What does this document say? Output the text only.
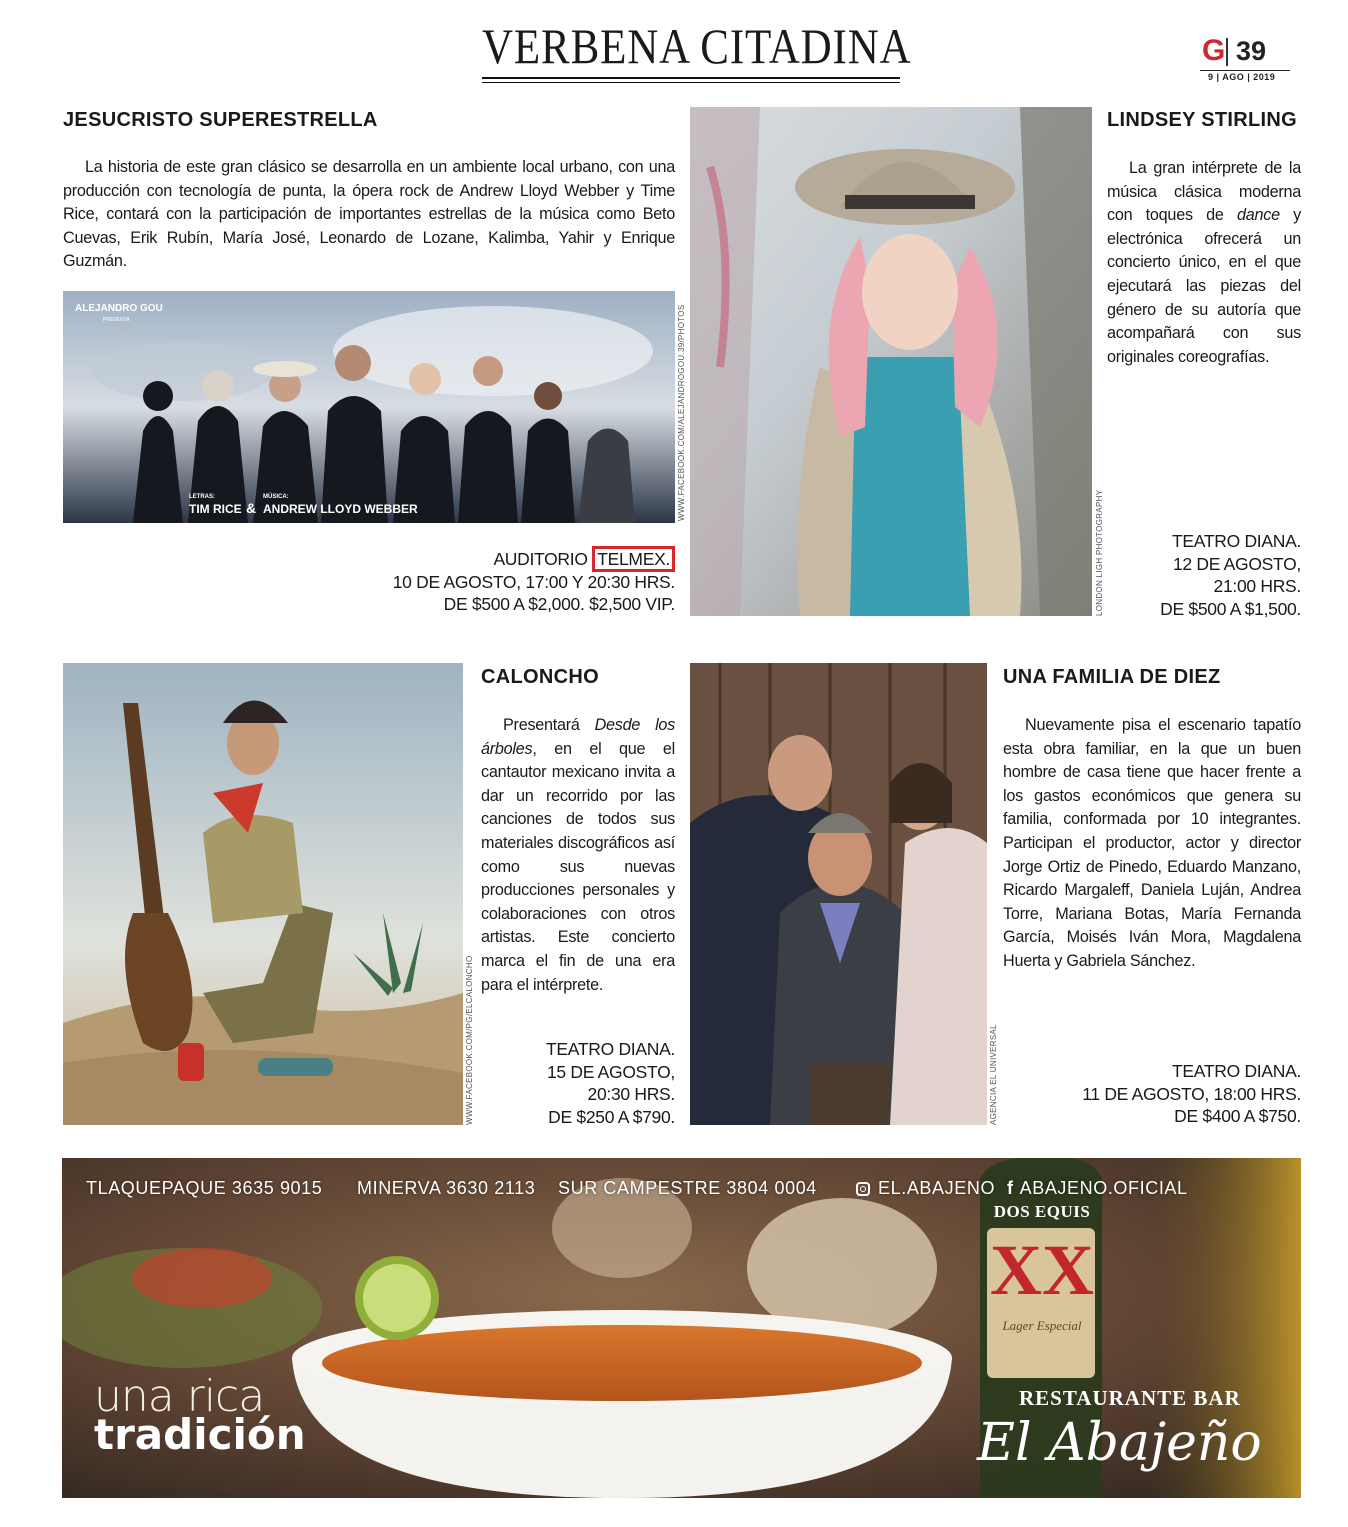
VERBENA CITADINA	G 39
9 | AGO | 2019
JESUCRISTO SUPERESTRELLA
La historia de este gran clásico se desarrolla en un ambiente local urbano, con una producción con tecnología de punta, la ópera rock de Andrew Lloyd Webber y Time Rice, contará con la participación de importantes estrellas de la música como Beto Cuevas, Erik Rubín, María José, Leonardo de Lozane, Kalimba, Yahir y Enrique Guzmán.
ALEJANDRO GOU
PRESENTA
LETRAS:
TIM RICE &
MÚSICA:
ANDREW LLOYD WEBBER	WWW.FACEBOOK.COM/ALEJANDROGOU.39/PHOTOS
AUDITORIO TELMEX.
10 DE AGOSTO, 17:00 Y 20:30 HRS.
DE $500 A $2,000. $2,500 VIP.	LONDON LIGH PHOTOGRAPHY
LINDSEY STIRLING
La gran intérprete de la música clásica moderna con toques de dance y electrónica ofrecerá un concierto único, en el que ejecutará las piezas del género de su autoría que acompañará con sus originales coreografías.
TEATRO DIANA.
12 DE AGOSTO,
21:00 HRS.
DE $500 A $1,500.
WWW.FACEBOOK.COM/PG/ELCALONCHO
CALONCHO
Presentará Desde los árboles, en el que el cantautor mexicano invita a dar un recorrido por las canciones de todos sus materiales discográficos así como sus nuevas producciones personales y colaboraciones con otros artistas. Este concierto marca el fin de una era para el intérprete.
TEATRO DIANA.
15 DE AGOSTO,
20:30 HRS.
DE $250 A $790.	AGENCIA EL UNIVERSAL
UNA FAMILIA DE DIEZ
Nuevamente pisa el escenario tapatío esta obra familiar, en la que un buen hombre de casa tiene que hacer frente a los gastos económicos que genera su familia, conformada por 10 integrantes. Participan el productor, actor y director Jorge Ortiz de Pinedo, Eduardo Manzano, Ricardo Margaleff, Daniela Luján, Andrea Torre, Mariana Botas, María Fernanda García, Moisés Iván Mora, Magdalena Huerta y Gabriela Sánchez.
TEATRO DIANA.
11 DE AGOSTO, 18:00 HRS.
DE $400 A $750.
TLAQUEPAQUE 3635 9015 MINERVA 3630 2113 SUR CAMPESTRE 3804 0004	EL.ABAJENO f ABAJENO.OFICIAL
DOS EQUIS
XX
Lager Especial
una rica
tradición
RESTAURANTE BAR
El Abajeño
